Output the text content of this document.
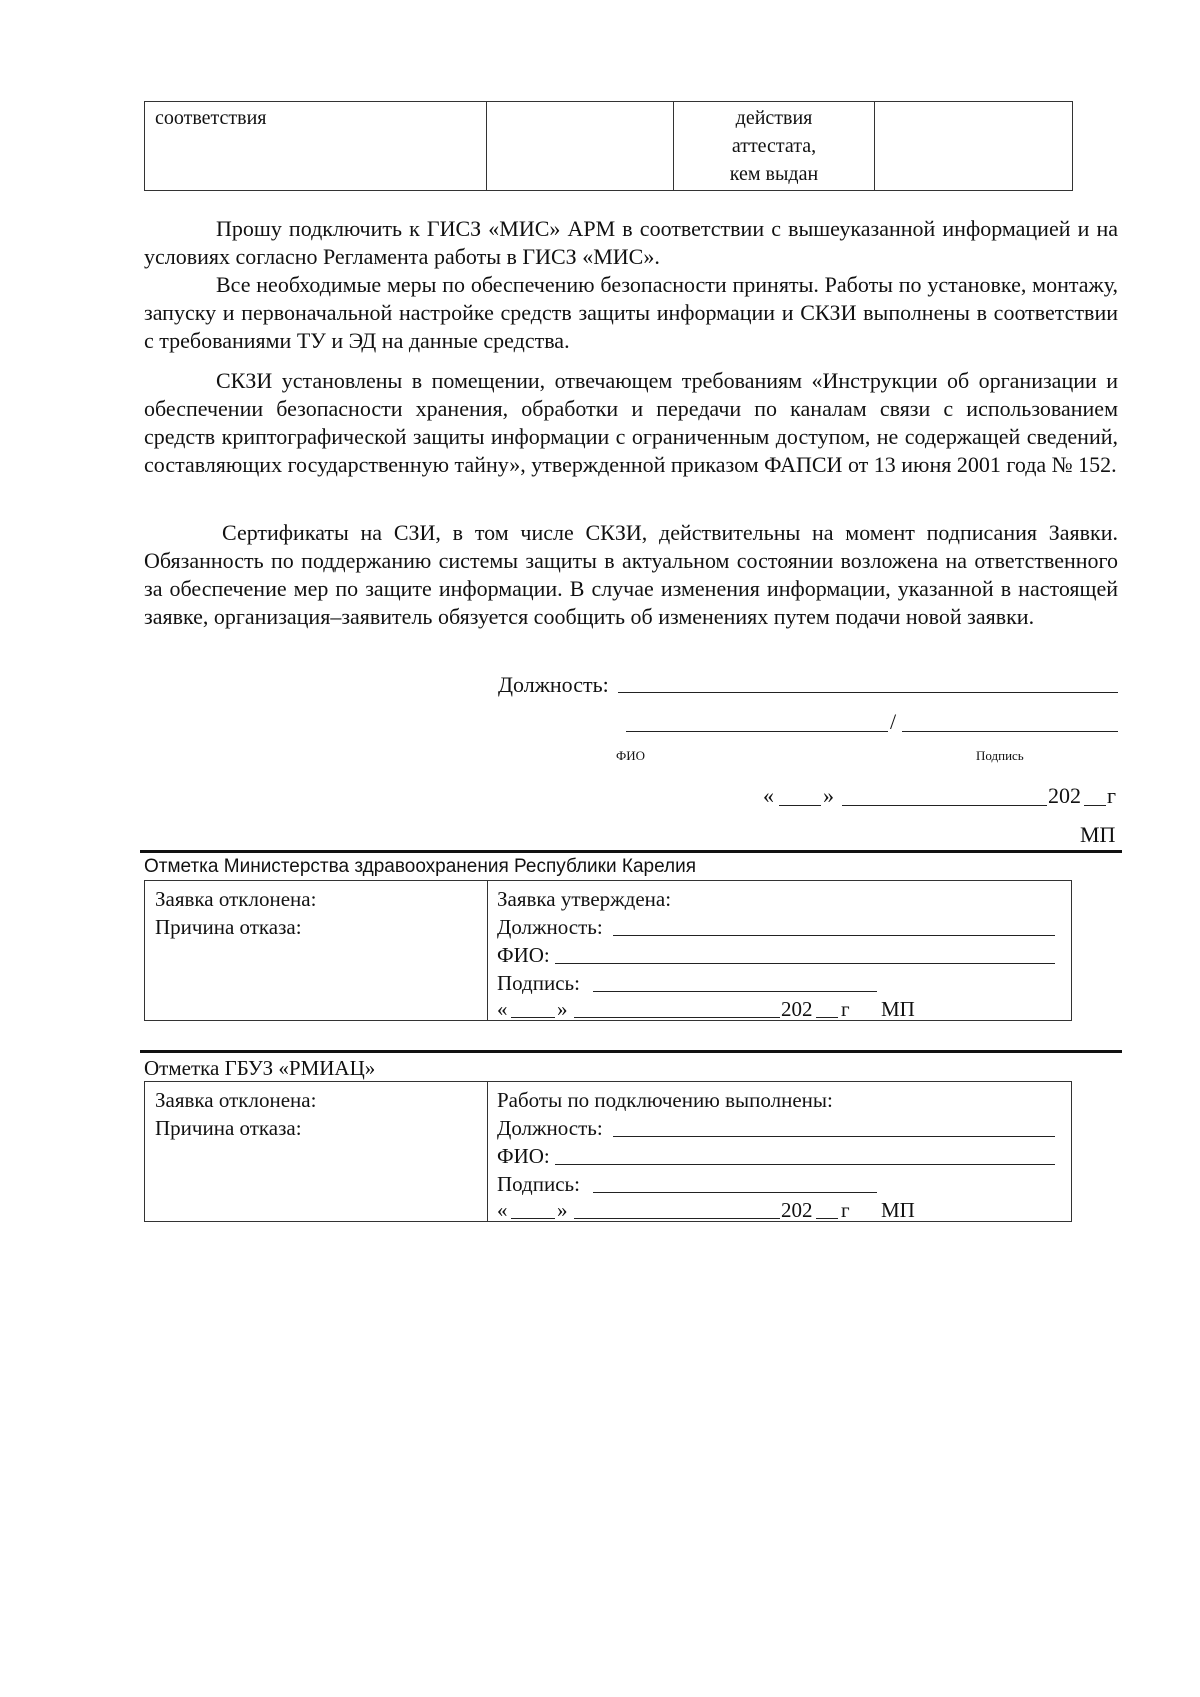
соответствия		действия
аттестата,
кем выдан

Прошу подключить к ГИСЗ «МИС» АРМ в соответствии с вышеуказанной информацией и на условиях согласно Регламента работы в ГИСЗ «МИС».
Все необходимые меры по обеспечению безопасности приняты. Работы по установке, монтажу, запуску и первоначальной настройке средств защиты информации и СКЗИ выполнены в соответствии с требованиями ТУ и ЭД на данные средства.
СКЗИ установлены в помещении, отвечающем требованиям «Инструкции об организации и обеспечении безопасности хранения, обработки и передачи по каналам связи с использованием средств криптографической защиты информации с ограниченным доступом, не содержащей сведений, составляющих государственную тайну», утвержденной приказом ФАПСИ от 13 июня 2001 года № 152.
Сертификаты на СЗИ, в том числе СКЗИ, действительны на момент подписания Заявки. Обязанность по поддержанию системы защиты в актуальном состоянии возложена на ответственного за обеспечение мер по защите информации. В случае изменения информации, указанной в настоящей заявке, организация–заявитель обязуется сообщить об изменениях путем подачи новой заявки.
Должность:
/
ФИО	Подпись
« »	202 г
МП
Отметка Министерства здравоохранения Республики Карелия
Заявка отклонена:
Причина отказа:
Заявка утверждена:
Должность:
ФИО:
Подпись:
« »	202 г МП
Отметка ГБУЗ «РМИАЦ»
Заявка отклонена:
Причина отказа:
Работы по подключению выполнены:
Должность:
ФИО:
Подпись:
« »	202 г МП
